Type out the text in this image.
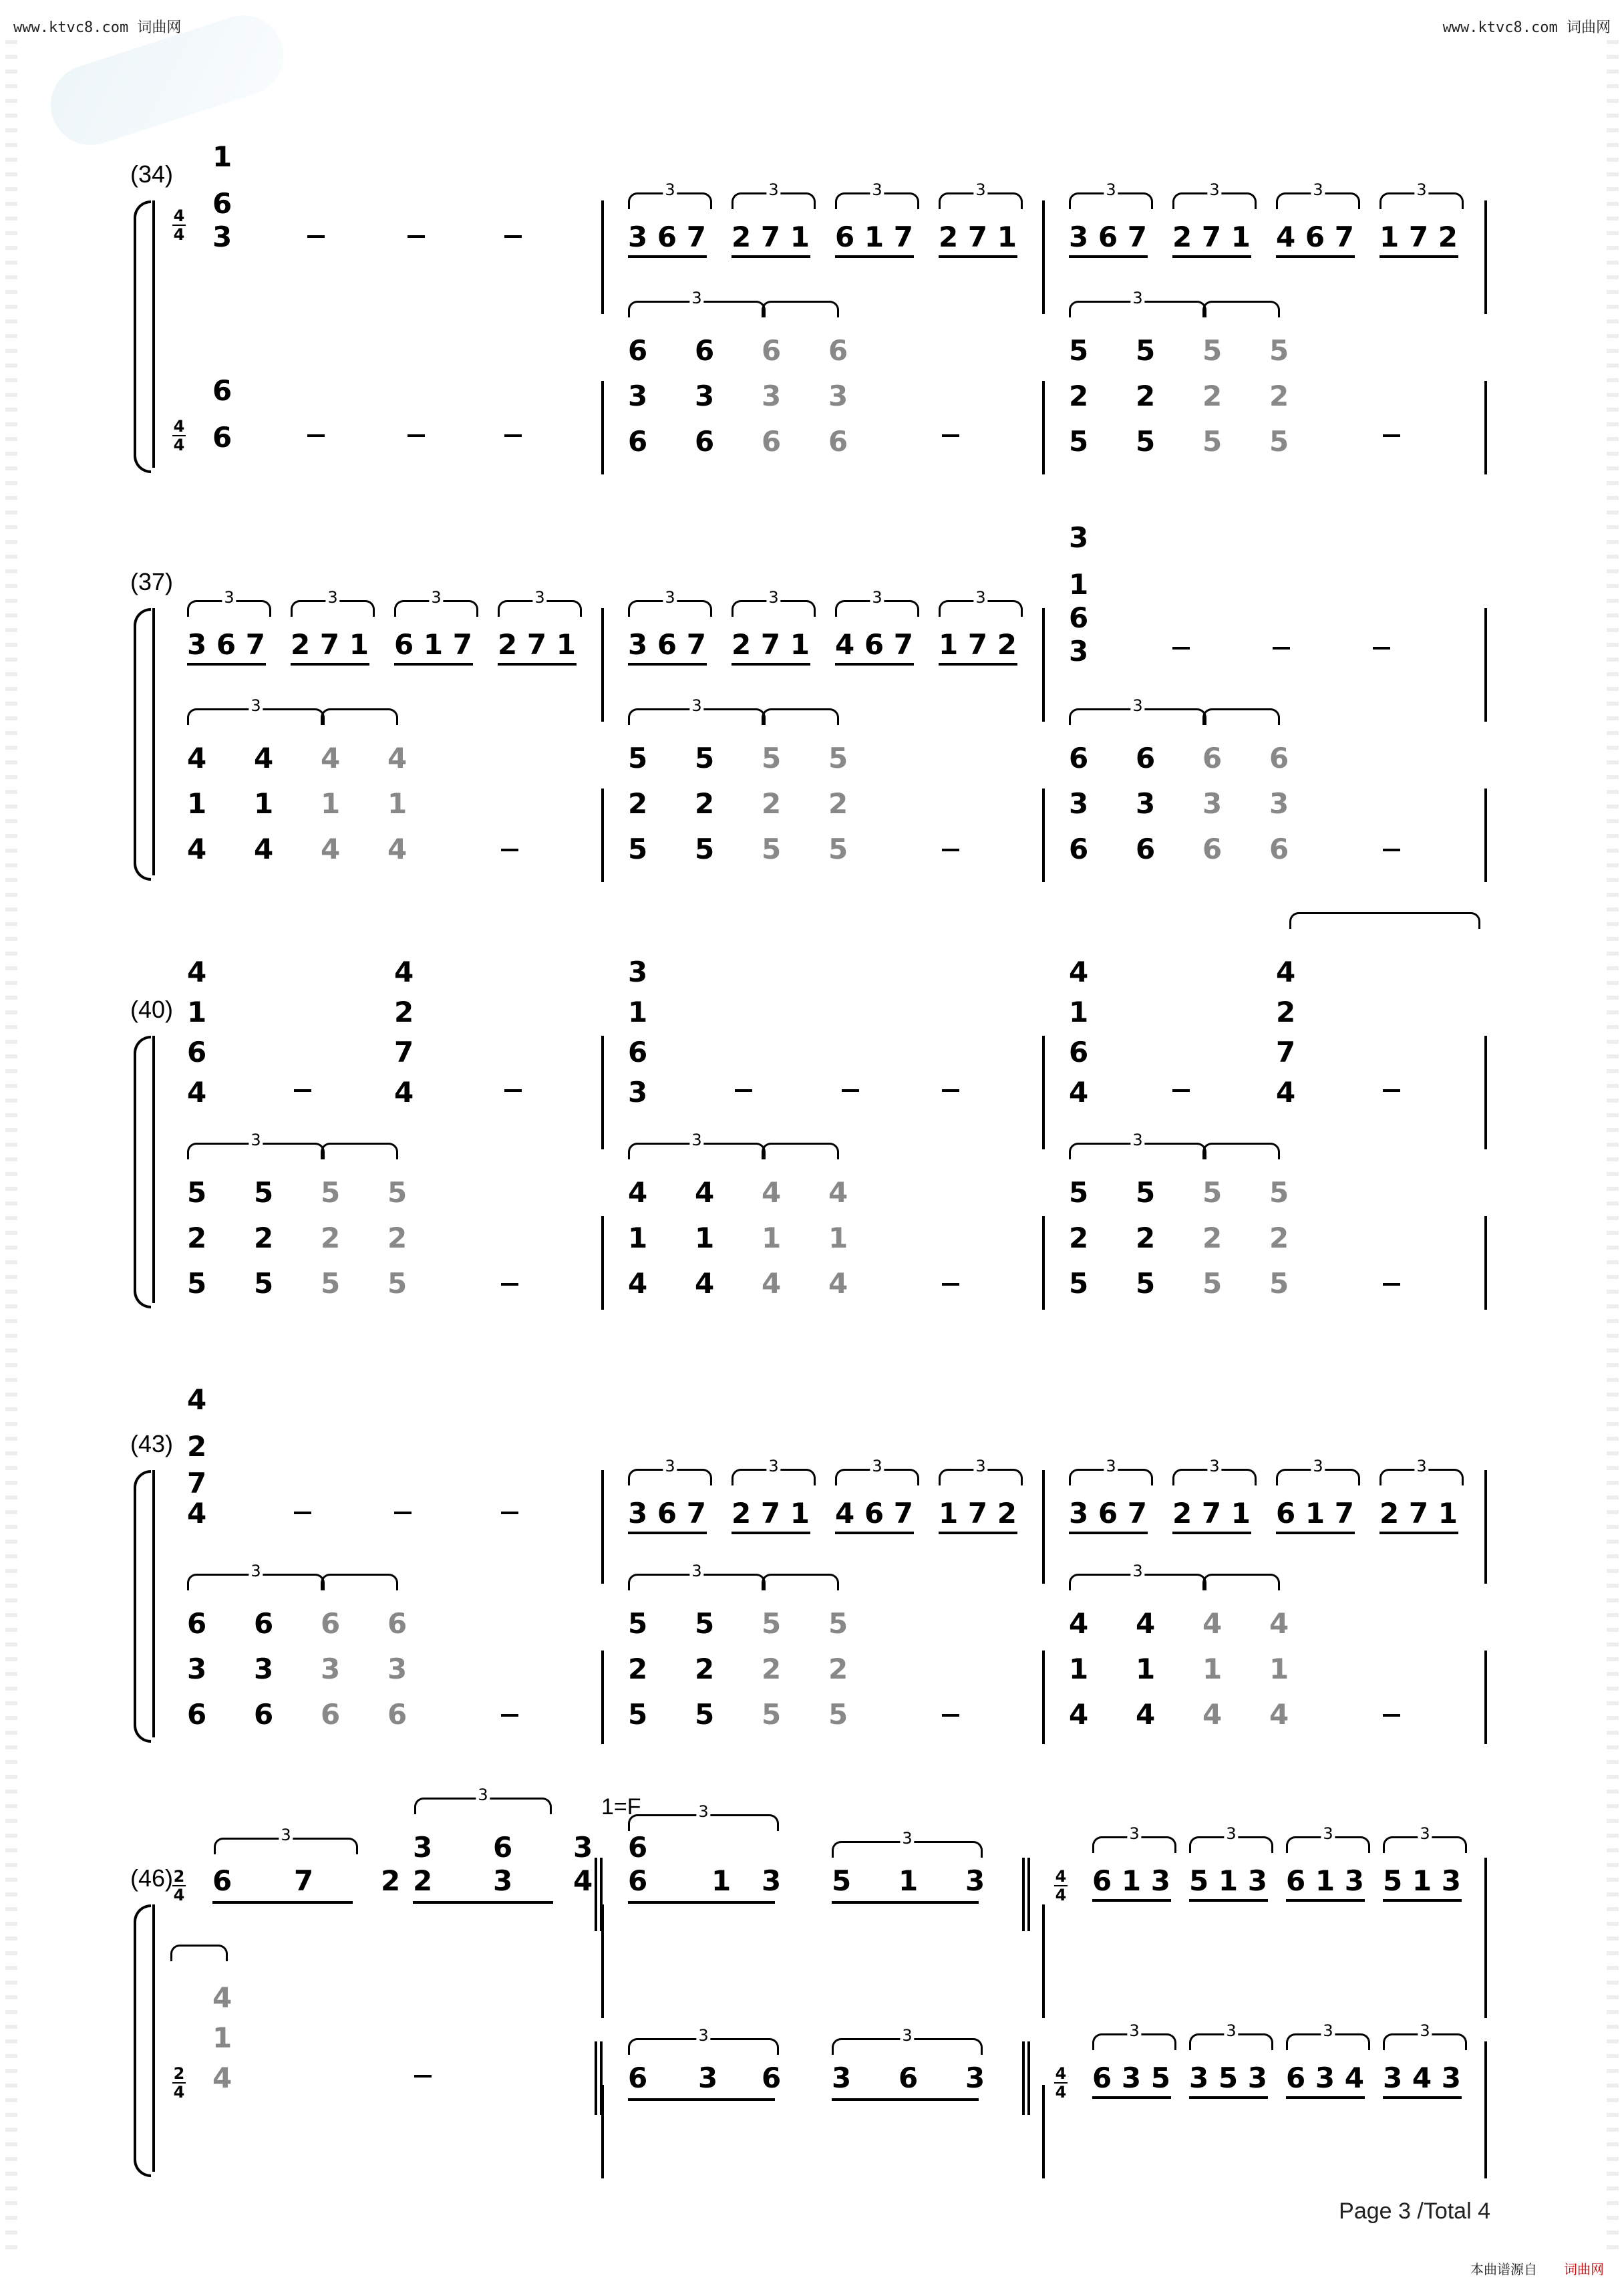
www.ktvc8.com 词曲网	www.ktvc8.com 词曲网
(34)
(37)
(40)
(43)
(46)
4
4
1
6
3
3
3 6 7
3
2 7 1
3
6 1 7
3
2 7 1
3
3 6 7
3
2 7 1
3
4 6 7
3
1 7 2
4
4
6
6
6
3
6
6
3
6
6
3
6
6
3
6
3
5
2
5
5
2
5
5
2
5
5
2
5
3
3
3 6 7
3
2 7 1
3
6 1 7
3
2 7 1
3
3 6 7
3
2 7 1
3
4 6 7
3
1 7 2
3
1
6
3
4
1
4
4
1
4
4
1
4
4
1
4
3
5
2
5
5
2
5
5
2
5
5
2
5
3
6
3
6
6
3
6
6
3
6
6
3
6
3
4
1
6
4
4
2
7
4
3
1
6
3
4
1
6
4
4
2
7
4
5
2
5
5
2
5
5
2
5
5
2
5
3
4
1
4
4
1
4
4
1
4
4
1
4
3
5
2
5
5
2
5
5
2
5
5
2
5
3
4
2
7
4
3
3 6 7
3
2 7 1
3
4 6 7
3
1 7 2
3
3 6 7
3
2 7 1
3
6 1 7
3
2 7 1
6
3
6
6
3
6
6
3
6
6
3
6
3
5
2
5
5
2
5
5
2
5
5
2
5
3
4
1
4
4
1
4
4
1
4
4
1
4
3
2
4
3
6 7 2
3
3 6 3
2 3 4
1=F
6
3
6 1 3
3
5 1 3	4
4
3
6 1 3
3
5 1 3
3
6 1 3
3
5 1 3
4
1
4
2
4
3
6 3 6
3
3 6 3	4
4
3
6 3 5
3
3 5 3
3
6 3 4
3
3 4 3
Page 3 /Total 4
本曲谱源自 词曲网
